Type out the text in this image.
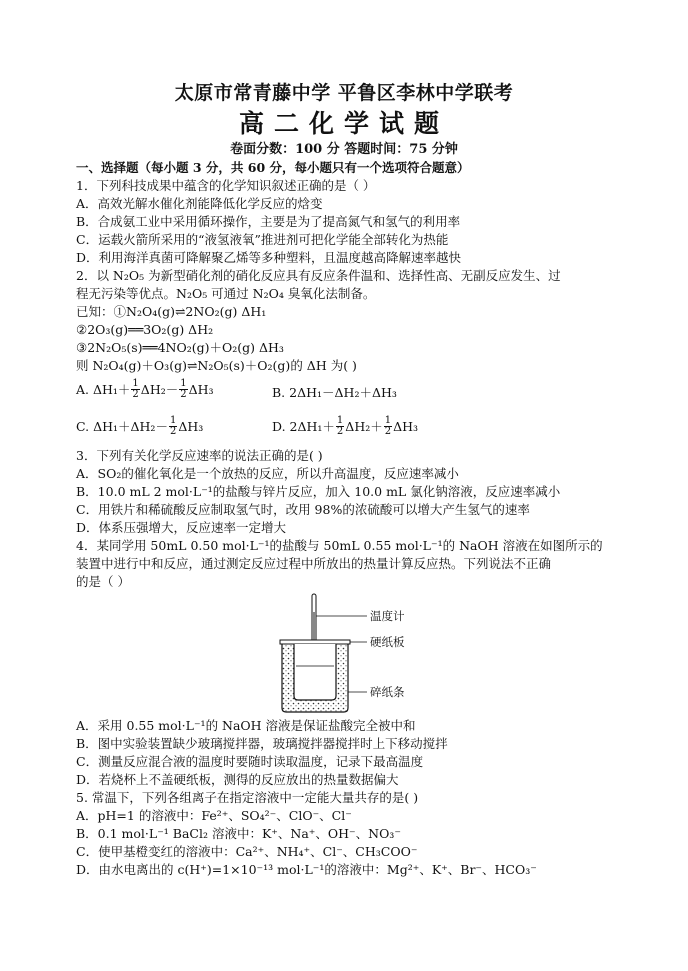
太原市常青藤中学 平鲁区李林中学联考
高二化学试题
卷面分数：100 分 答题时间：75 分钟
一、选择题（每小题 3 分，共 60 分，每小题只有一个选项符合题意）
1．下列科技成果中蕴含的化学知识叙述正确的是（ ）
A．高效光解水催化剂能降低化学反应的焓变
B．合成氨工业中采用循环操作，主要是为了提高氮气和氢气的利用率
C．运载火箭所采用的“液氢液氧”推进剂可把化学能全部转化为热能
D．利用海洋真菌可降解聚乙烯等多种塑料，且温度越高降解速率越快
2．以 N₂O₅ 为新型硝化剂的硝化反应具有反应条件温和、选择性高、无副反应发生、过
程无污染等优点。N₂O₅ 可通过 N₂O₄ 臭氧化法制备。
已知：①N₂O₄(g)⇌2NO₂(g) ΔH₁
②2O₃(g)══3O₂(g) ΔH₂
③2N₂O₅(s)══4NO₂(g)＋O₂(g) ΔH₃
则 N₂O₄(g)＋O₃(g)⇌N₂O₅(s)＋O₂(g)的 ΔH 为( )
A. $\Delta H_1+ \frac{1}{2} \Delta H_2- \frac{1}{2} \Delta H_3$	B. 2ΔH₁－ΔH₂＋ΔH₃
C. $\Delta H_1+\Delta H_2- \frac{1}{2} \Delta H_3$	D. $2\Delta H_1+ \frac{1}{2} \Delta H_2+ \frac{1}{2} \Delta H_3$
3．下列有关化学反应速率的说法正确的是( )
A．SO₂的催化氧化是一个放热的反应，所以升高温度，反应速率减小
B．10.0 mL 2 mol·L⁻¹的盐酸与锌片反应，加入 10.0 mL 氯化钠溶液，反应速率减小
C．用铁片和稀硫酸反应制取氢气时，改用 98%的浓硫酸可以增大产生氢气的速率
D．体系压强增大，反应速率一定增大
4．某同学用 50mL 0.50 mol·L⁻¹的盐酸与 50mL 0.55 mol·L⁻¹的 NaOH 溶液在如图所示的
装置中进行中和反应，通过测定反应过程中所放出的热量计算反应热。下列说法不正确
的是（ ）
温度计
硬纸板
碎纸条
A．采用 0.55 mol·L⁻¹的 NaOH 溶液是保证盐酸完全被中和
B．图中实验装置缺少玻璃搅拌器，玻璃搅拌器搅拌时上下移动搅拌
C．测量反应混合液的温度时要随时读取温度，记录下最高温度
D．若烧杯上不盖硬纸板，测得的反应放出的热量数据偏大
5. 常温下，下列各组离子在指定溶液中一定能大量共存的是( )
A．pH=1 的溶液中：Fe²⁺、SO₄²⁻、ClO⁻、Cl⁻
B．0.1 mol·L⁻¹ BaCl₂ 溶液中：K⁺、Na⁺、OH⁻、NO₃⁻
C．使甲基橙变红的溶液中：Ca²⁺、NH₄⁺、Cl⁻、CH₃COO⁻
D．由水电离出的 c(H⁺)=1×10⁻¹³ mol·L⁻¹的溶液中：Mg²⁺、K⁺、Br⁻、HCO₃⁻
